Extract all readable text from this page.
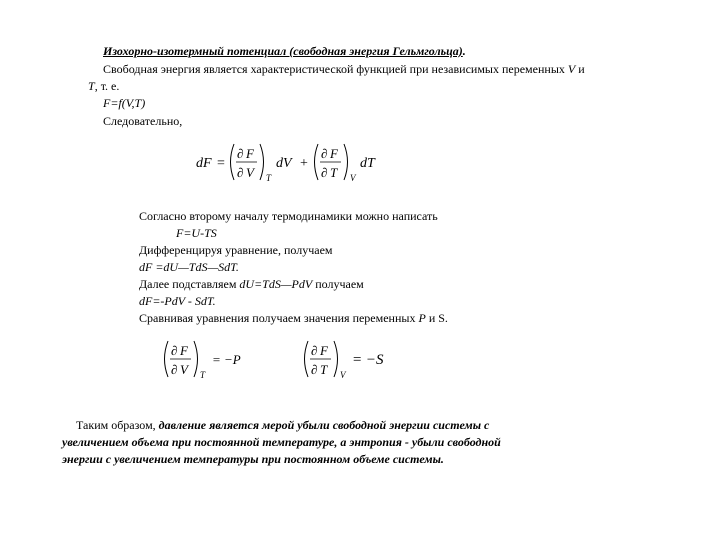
Изохорно-изотермный потенциал (свободная энергия Гельмгольца).
Свободная энергия является характеристической функцией при независимых переменных V и
T, т. е.
F=f(V,T)
Следовательно,
dF =
∂ F
∂ V T
dV +
∂ F
∂ T V
dT
Согласно второму началу термодинамики можно написать
F=U-TS
Дифференцируя уравнение, получаем
dF =dU—TdS—SdT.
Далее подставляем dU=TdS—PdV получаем
dF=-PdV - SdT.
Сравнивая уравнения получаем значения переменных P и S.
∂ F
∂ V T
= −P
∂ F
∂ T V
= −S
Таким образом, давление является мерой убыли свободной энергии системы с
увеличением объема при постоянной температуре, а энтропия - убыли свободной
энергии с увеличением температуры при постоянном объеме системы.
